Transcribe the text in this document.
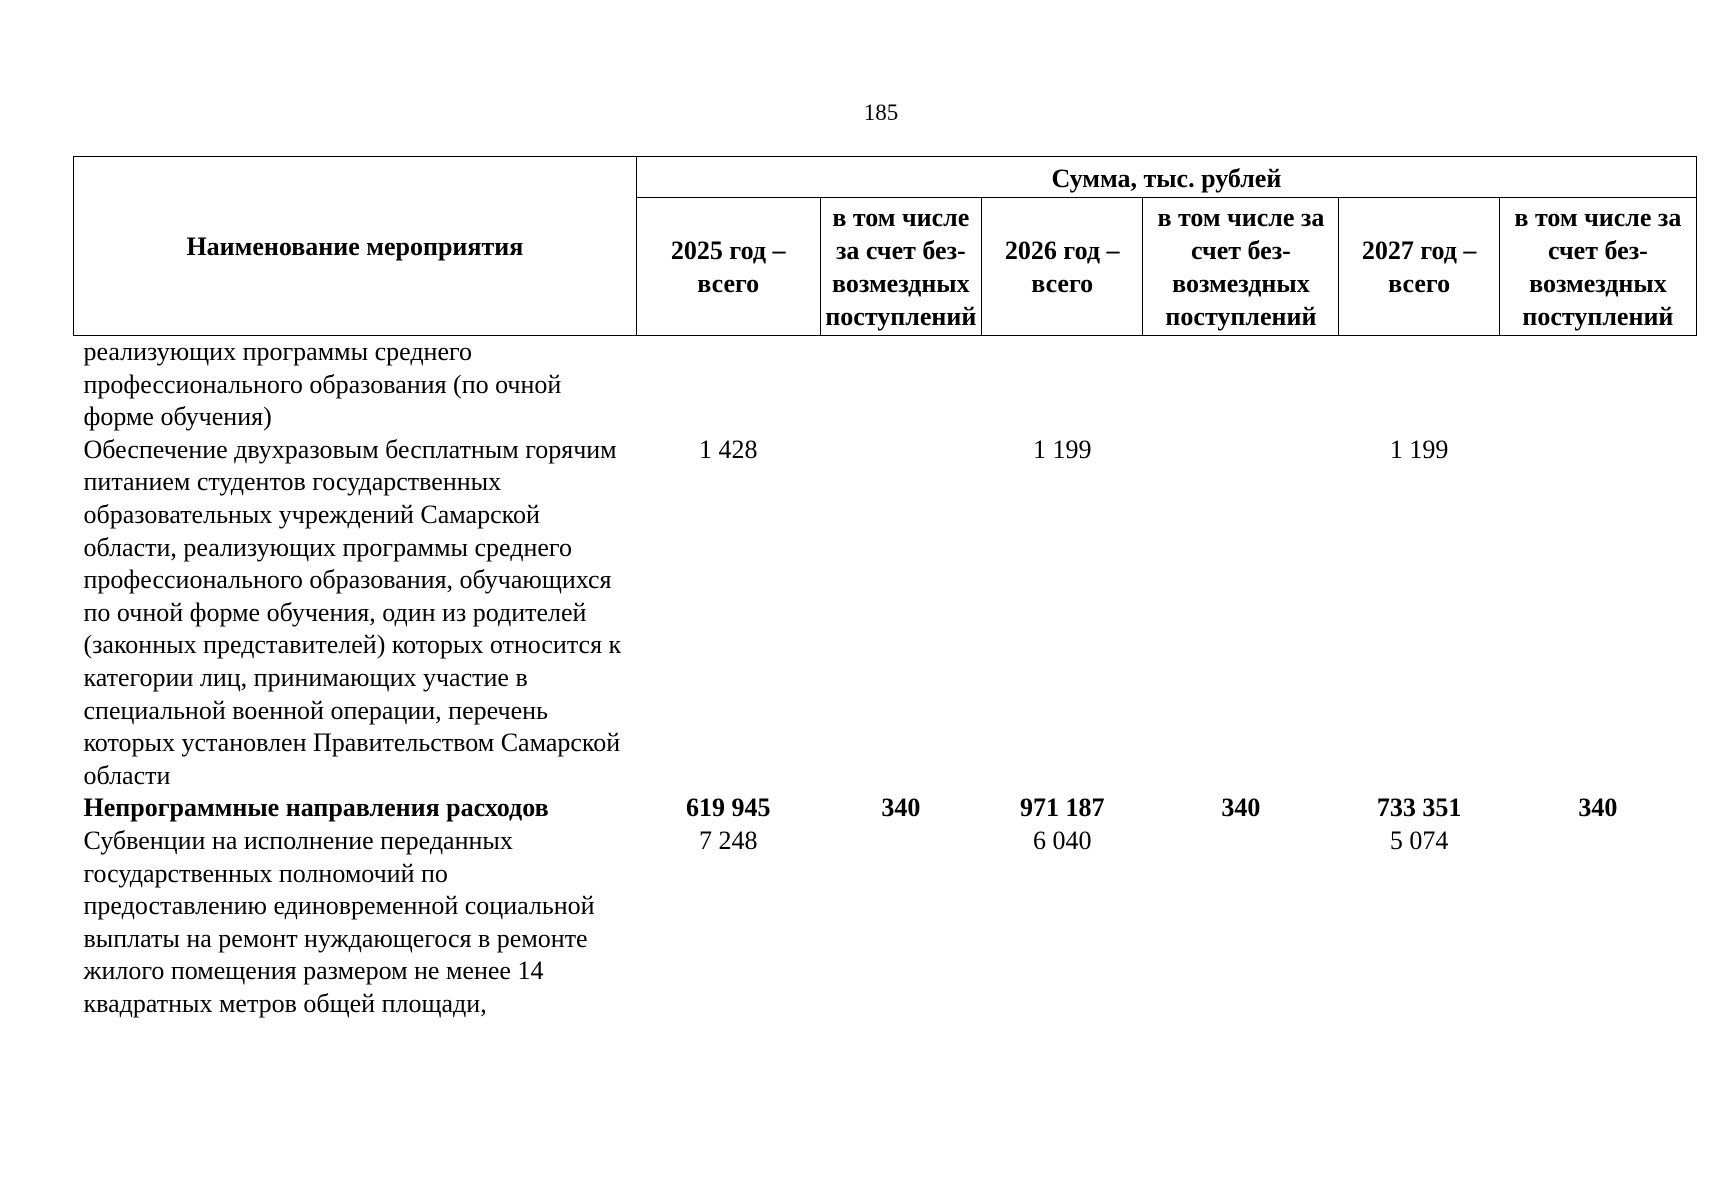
185
Наименование мероприятия	Сумма, тыс. рублей					
	2025 год – всего	в том числе за счет без-возмездных поступлений	2026 год – всего	в том числе за счет без-возмездных поступлений	2027 год – всего	в том числе за счет без-возмездных поступлений
реализующих программы среднего профессионального образования (по очной форме обучения)						
Обеспечение двухразовым бесплатным горячим питанием студентов государственных образовательных учреждений Самарской области, реализующих программы среднего профессионального образования, обучающихся по очной форме обучения, один из родителей (законных представителей) которых относится к категории лиц, принимающих участие в специальной военной операции, перечень которых установлен Правительством Самарской области	1 428		1 199		1 199	
Непрограммные направления расходов	619 945	340	971 187	340	733 351	340
Субвенции на исполнение переданных государственных полномочий по предоставлению единовременной социальной выплаты на ремонт нуждающегося в ремонте жилого помещения размером не менее 14 квадратных метров общей площади,	7 248		6 040		5 074	
